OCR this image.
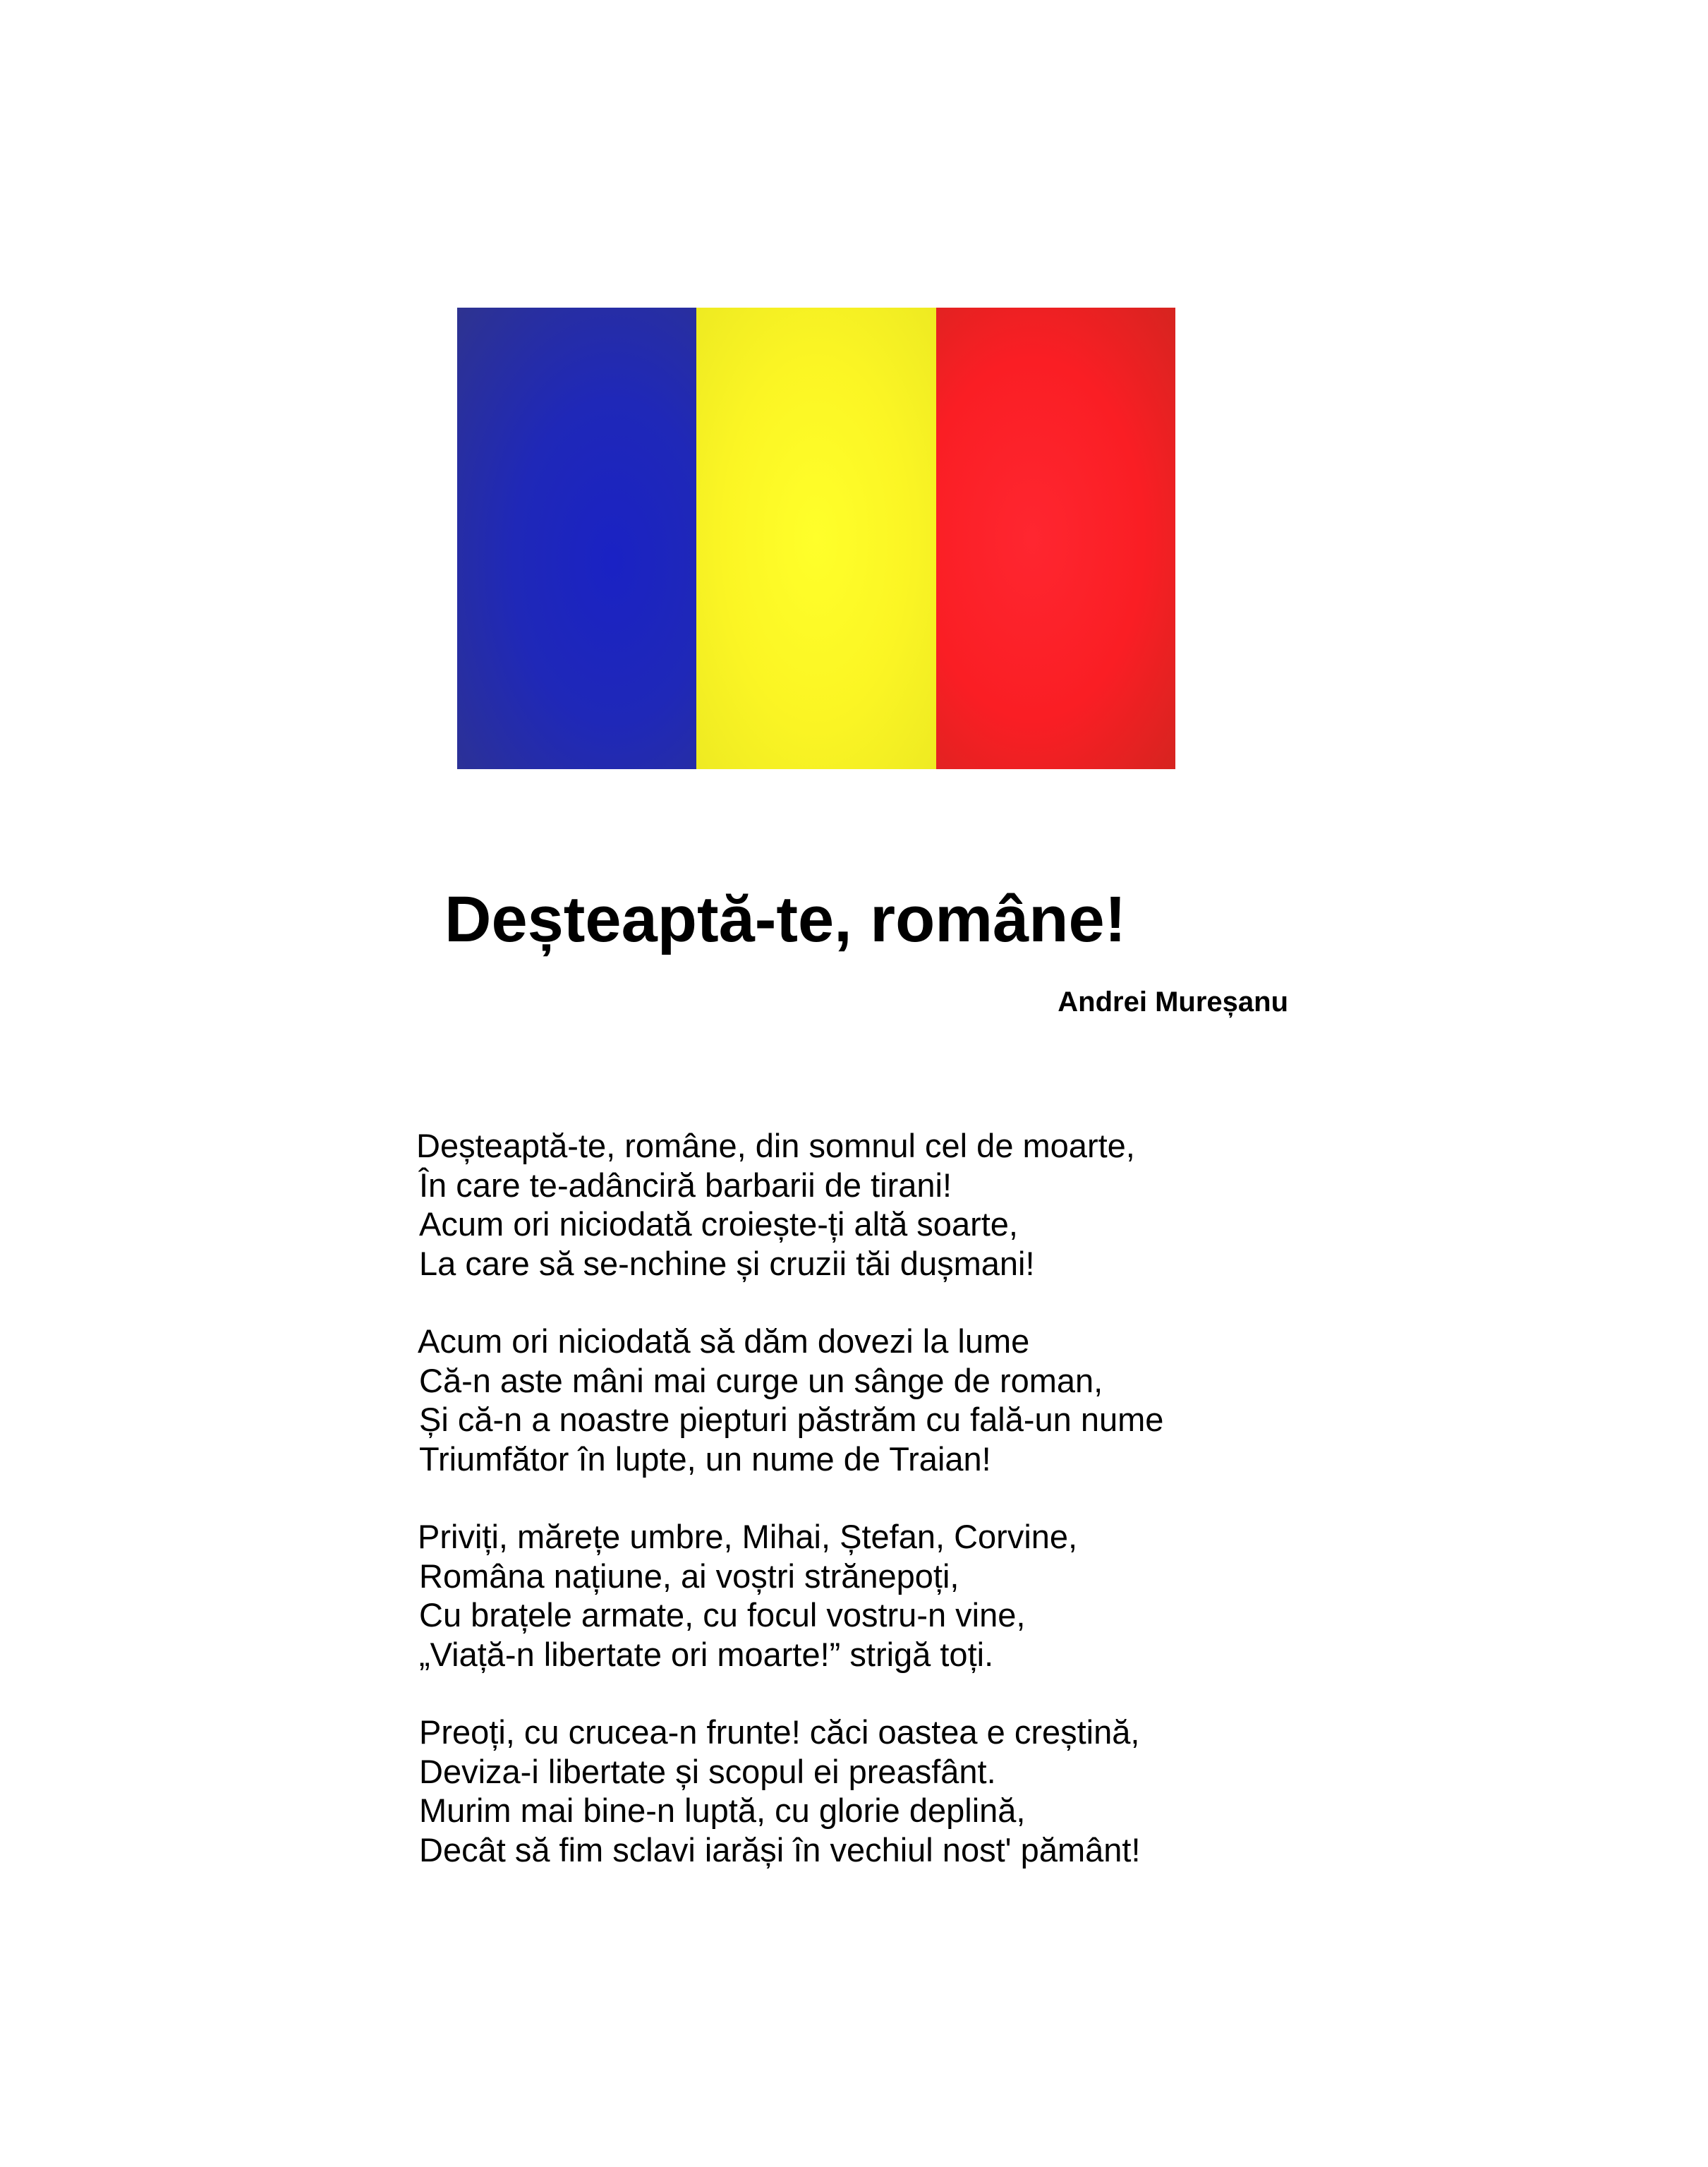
Deșteaptă-te, române!
Andrei Mureșanu
Deșteaptă-te, române, din somnul cel de moarte,
În care te-adânciră barbarii de tirani!
Acum ori niciodată croiește-ți altă soarte,
La care să se-nchine și cruzii tăi dușmani!
Acum ori niciodată să dăm dovezi la lume
Că-n aste mâni mai curge un sânge de roman,
Și că-n a noastre piepturi păstrăm cu fală-un nume
Triumfător în lupte, un nume de Traian!
Priviți, mărețe umbre, Mihai, Ștefan, Corvine,
Româna națiune, ai voștri strănepoți,
Cu brațele armate, cu focul vostru-n vine,
„Viață-n libertate ori moarte!” strigă toți.
Preoți, cu crucea-n frunte! căci oastea e creștină,
Deviza-i libertate și scopul ei preasfânt.
Murim mai bine-n luptă, cu glorie deplină,
Decât să fim sclavi iarăși în vechiul nost' pământ!
